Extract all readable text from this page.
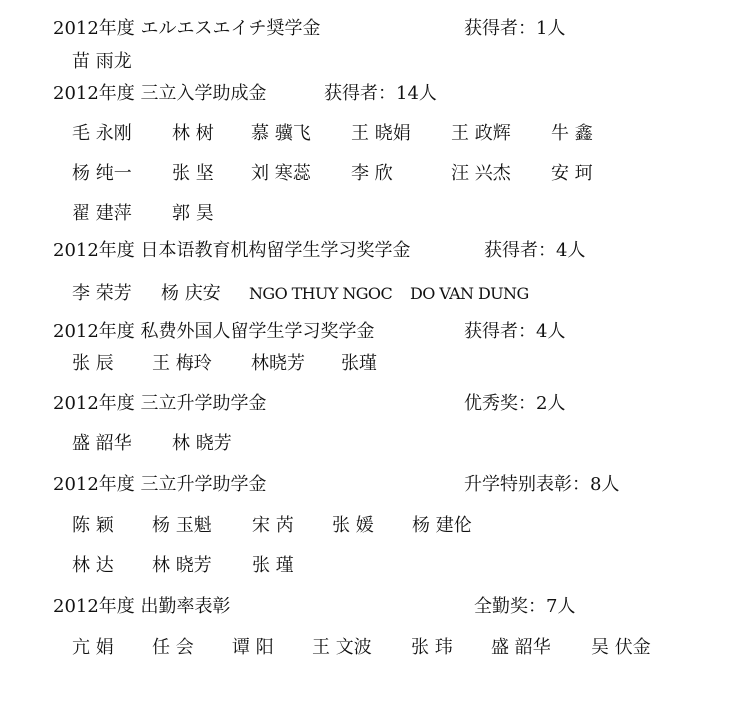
2012年度 エルエスエイチ奨学金	获得者：1人
苗 雨龙
2012年度 三立入学助成金	获得者：14人
毛 永刚 林 树 慕 骥飞 王 晓娟 王 政辉 牛 鑫
杨 纯一 张 坚 刘 寒蕊 李 欣	汪 兴杰 安 珂
翟 建萍 郭 昊
2012年度 日本语教育机构留学生学习奖学金	获得者：4人
李 荣芳 杨 庆安 NGO THUY NGOC DO VAN DUNG
2012年度 私费外国人留学生学习奖学金	获得者：4人
张 辰 王 梅玲 林晓芳 张瑾
2012年度 三立升学助学金	优秀奖：2人
盛 韶华 林 晓芳
2012年度 三立升学助学金	升学特别表彰：8人
陈 颖 杨 玉魁 宋 芮 张 媛 杨 建伦
林 达 林 晓芳 张 瑾
2012年度 出勤率表彰	全勤奖：7人
亢 娟 任 会 谭 阳 王 文波 张 玮 盛 韶华 吴 伏金
